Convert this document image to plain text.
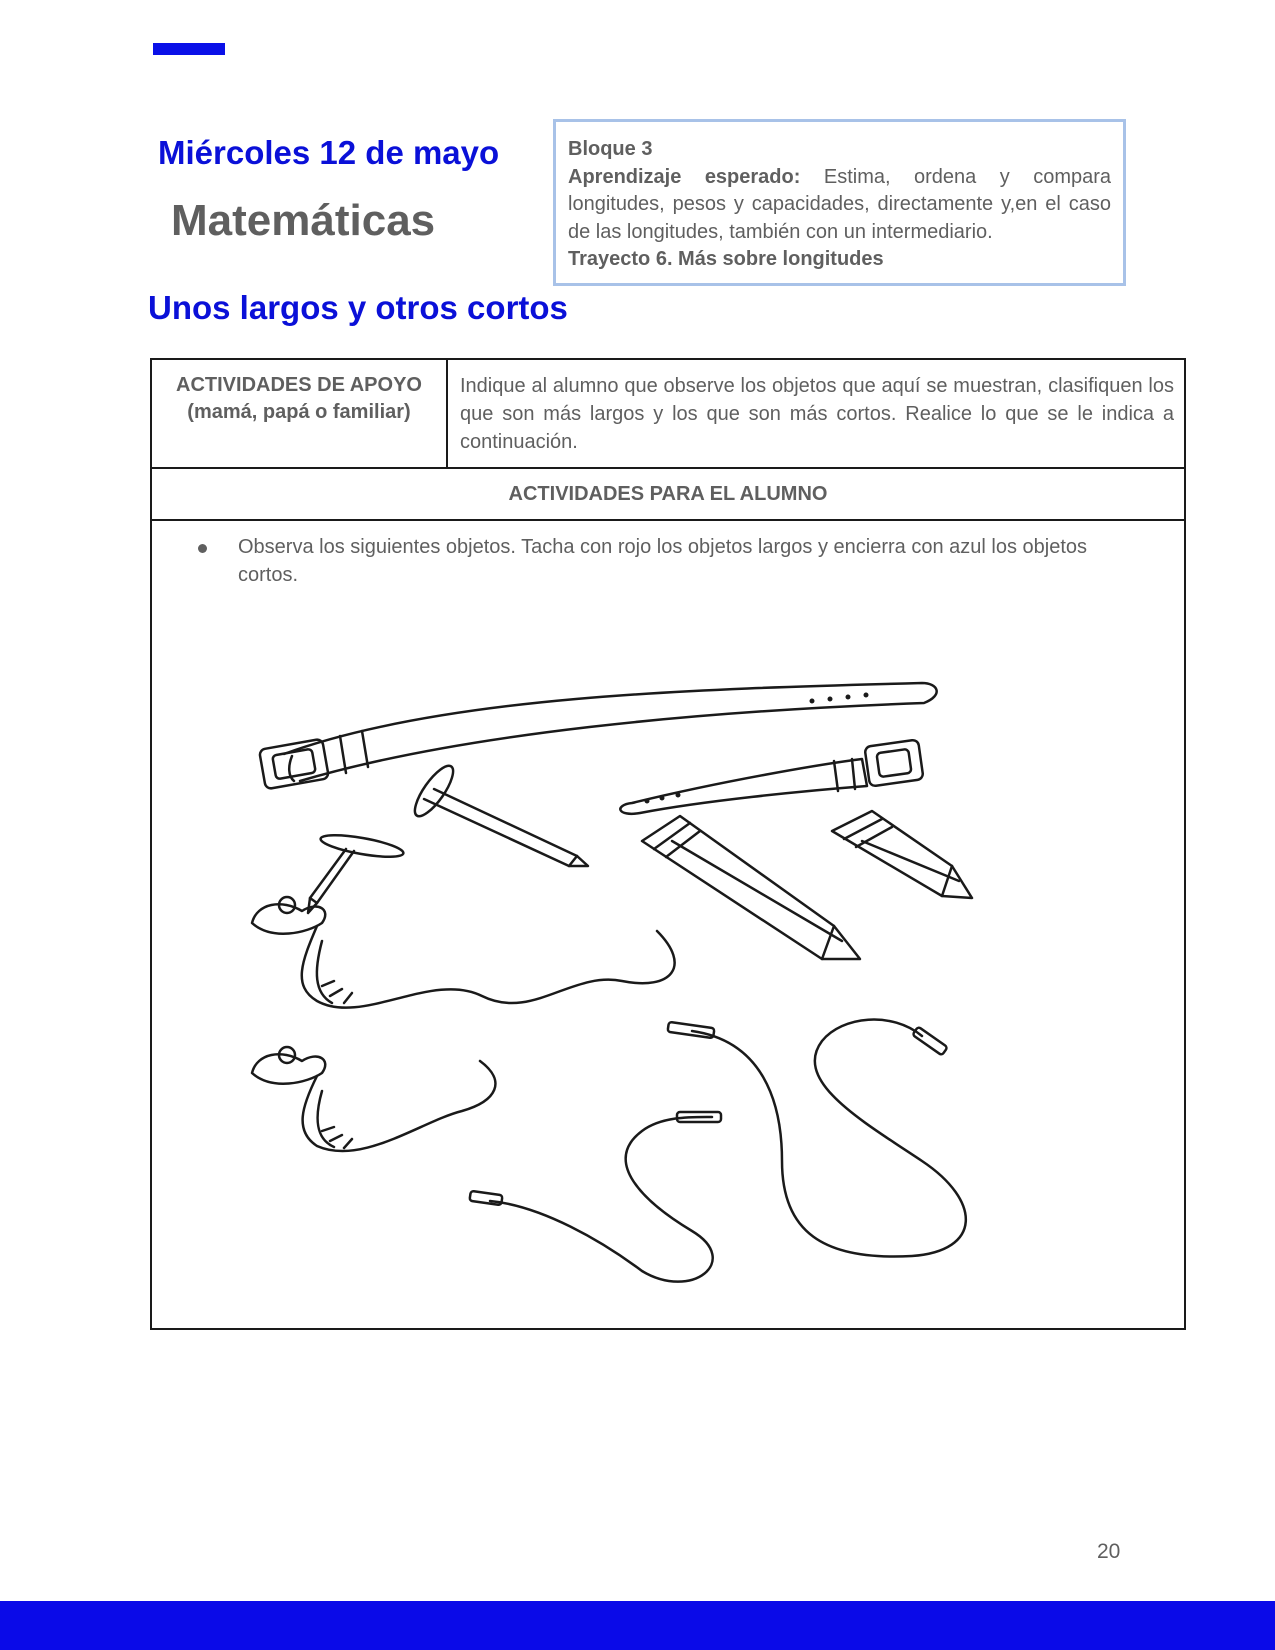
Miércoles 12 de mayo
Matemáticas
Bloque 3
Aprendizaje esperado: Estima, ordena y compara longitudes, pesos y capacidades, directamente y,en el caso de las longitudes, también con un intermediario.
Trayecto 6. Más sobre longitudes
Unos largos y otros cortos
ACTIVIDADES DE APOYO
(mamá, papá o familiar)
Indique al alumno que observe los objetos que aquí se muestran, clasifiquen los que son más largos y los que son más cortos. Realice lo que se le indica a continuación.
ACTIVIDADES PARA EL ALUMNO
Observa los siguientes objetos. Tacha con rojo los objetos largos y encierra con azul los objetos cortos.
20
